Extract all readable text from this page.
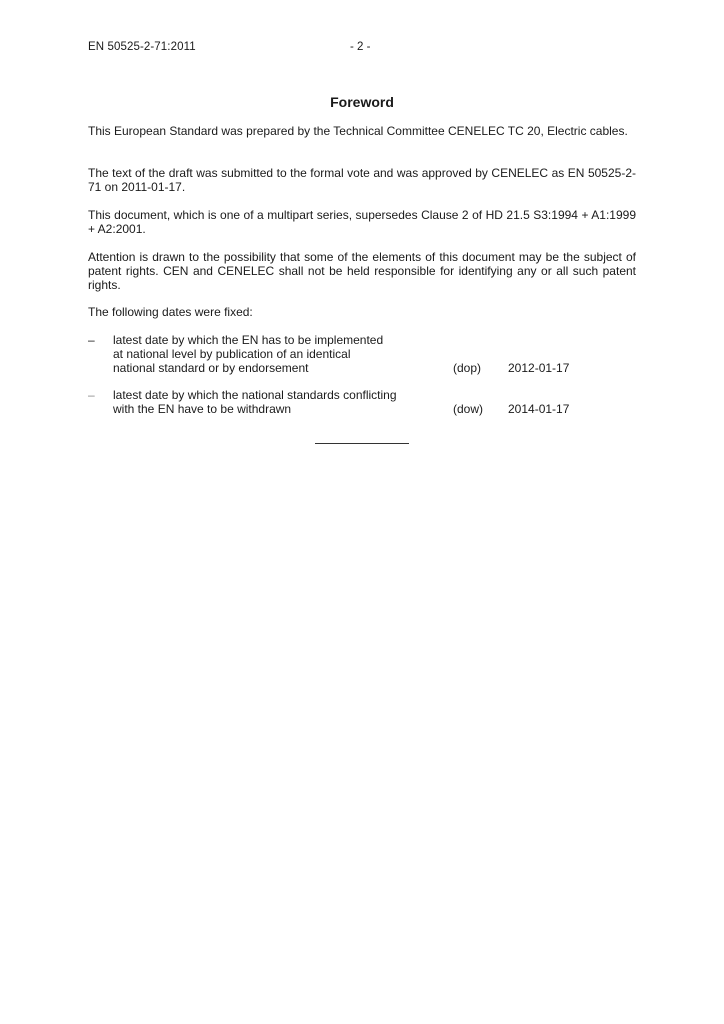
EN 50525-2-71:2011	- 2 -
Foreword
This European Standard was prepared by the Technical Committee CENELEC TC 20, Electric cables.
The text of the draft was submitted to the formal vote and was approved by CENELEC as EN 50525-2-71 on 2011-01-17.
This document, which is one of a multipart series, supersedes Clause 2 of HD 21.5 S3:1994 + A1:1999 + A2:2001.
Attention is drawn to the possibility that some of the elements of this document may be the subject of patent rights. CEN and CENELEC shall not be held responsible for identifying any or all such patent rights.
The following dates were fixed:
–	latest date by which the EN has to be implemented
at national level by publication of an identical
national standard or by endorsement	(dop)	2012-01-17
–	latest date by which the national standards conflicting
with the EN have to be withdrawn	(dow)	2014-01-17
